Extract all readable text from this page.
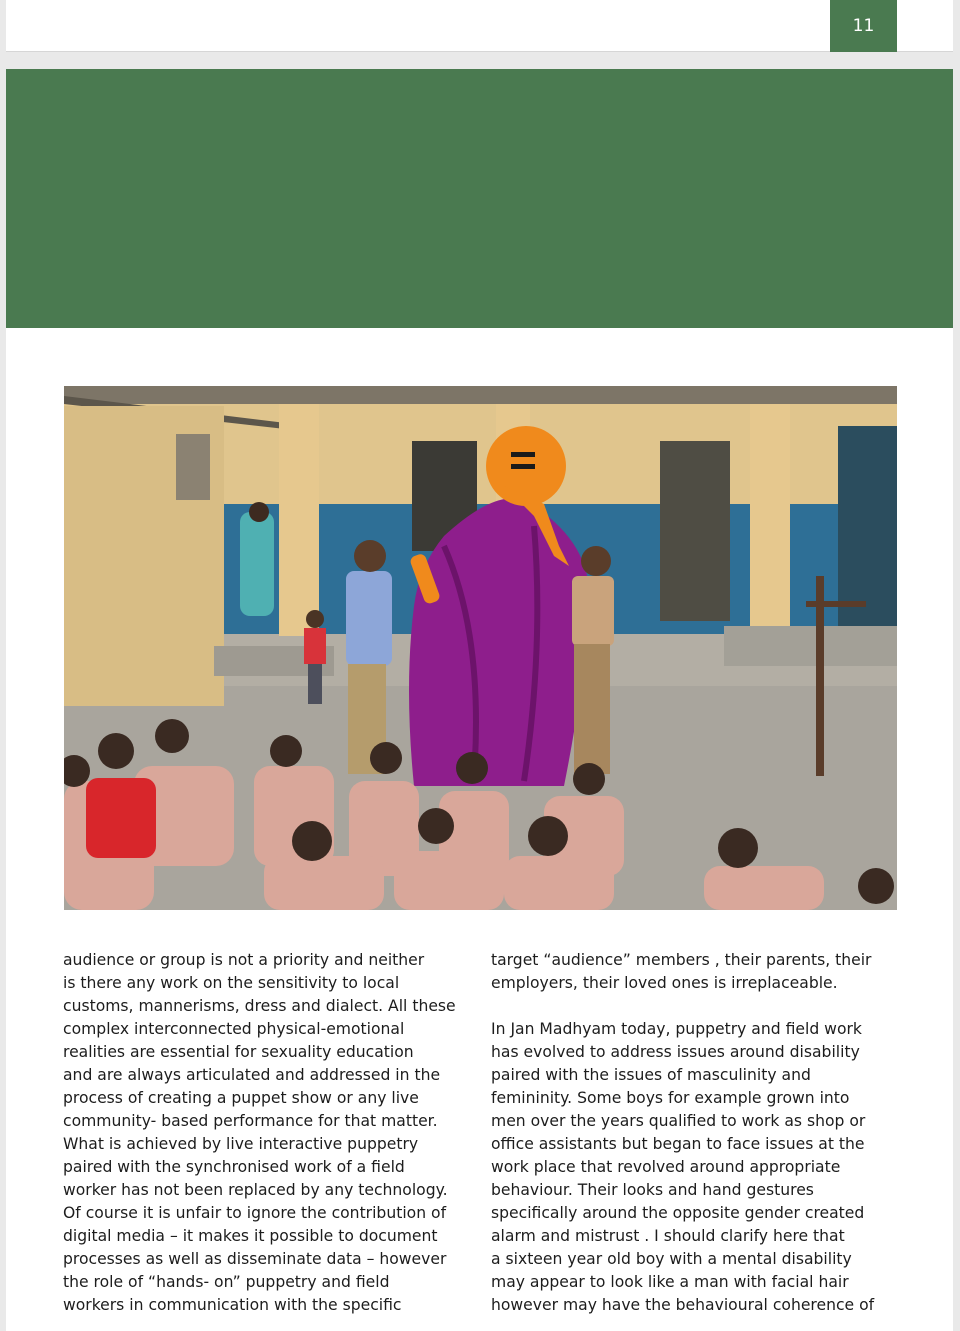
11
audience or group is not a priority and neither
is there any work on the sensitivity to local
customs, mannerisms, dress and dialect. All these
complex interconnected physical-emotional
realities are essential for sexuality education
and are always articulated and addressed in the
process of creating a puppet show or any live
community- based performance for that matter.
What is achieved by live interactive puppetry
paired with the synchronised work of a field
worker has not been replaced by any technology.
Of course it is unfair to ignore the contribution of
digital media – it makes it possible to document
processes as well as disseminate data – however
the role of “hands- on” puppetry and field
workers in communication with the specific
target “audience” members , their parents, their
employers, their loved ones is irreplaceable.
In Jan Madhyam today, puppetry and field work
has evolved to address issues around disability
paired with the issues of masculinity and
femininity. Some boys for example grown into
men over the years qualified to work as shop or
office assistants but began to face issues at the
work place that revolved around appropriate
behaviour. Their looks and hand gestures
specifically around the opposite gender created
alarm and mistrust . I should clarify here that
a sixteen year old boy with a mental disability
may appear to look like a man with facial hair
however may have the behavioural coherence of
